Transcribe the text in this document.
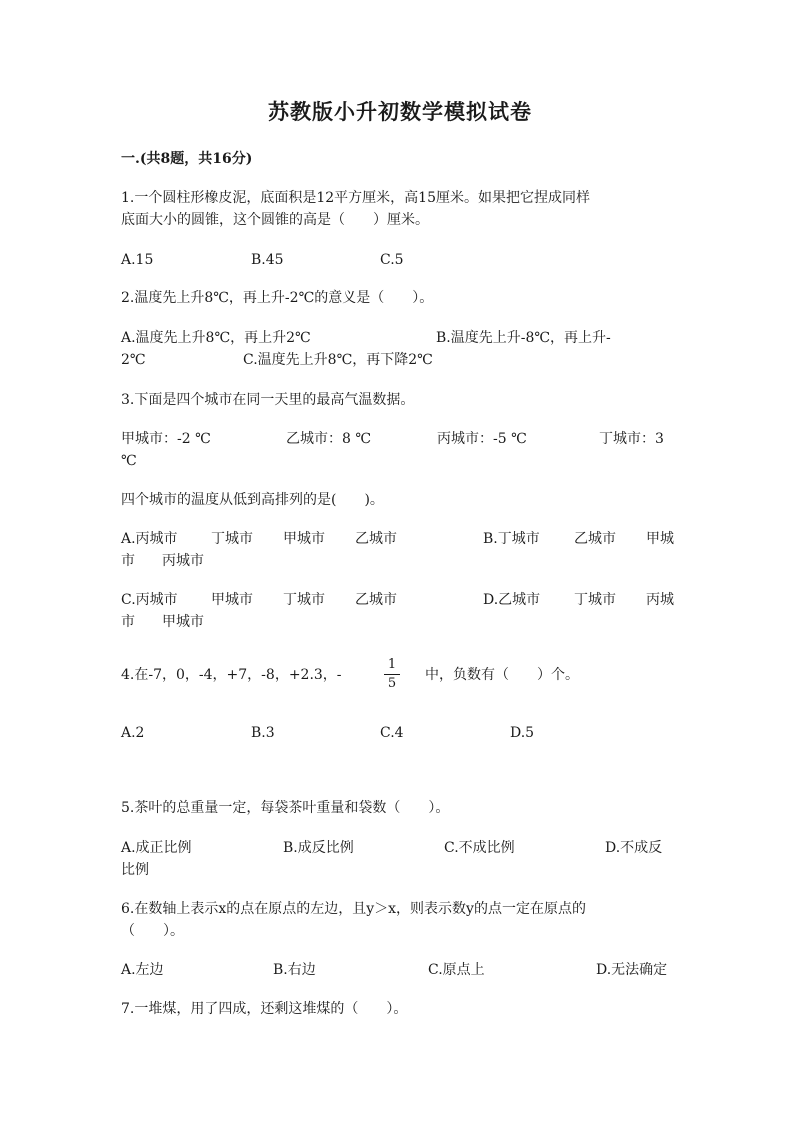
苏教版小升初数学模拟试卷
一.(共8题，共16分)
1.一个圆柱形橡皮泥，底面积是12平方厘米，高15厘米。如果把它捏成同样
底面大小的圆锥，这个圆锥的高是（　　）厘米。
A.15	B.45	C.5
2.温度先上升8℃，再上升-2℃的意义是（　　）。
A.温度先上升8℃，再上升2℃	B.温度先上升-8℃，再上升-
2℃	C.温度先上升8℃，再下降2℃
3.下面是四个城市在同一天里的最高气温数据。
甲城市：-2 ℃	乙城市：8 ℃	丙城市：-5 ℃	丁城市：3
℃
四个城市的温度从低到高排列的是(　　)。
A.丙城市 丁城市 甲城市 乙城市	B.丁城市 乙城市 甲城
市 丙城市
C.丙城市 甲城市 丁城市 乙城市	D.乙城市 丁城市 丙城
市 甲城市
4.在-7，0，-4，+7，-8，+2.3，-
1
5
中，负数有（　　）个。
A.2	B.3	C.4	D.5
5.茶叶的总重量一定，每袋茶叶重量和袋数（　　）。
A.成正比例	B.成反比例	C.不成比例	D.不成反
比例
6.在数轴上表示x的点在原点的左边，且y＞x，则表示数y的点一定在原点的
（　　）。
A.左边	B.右边	C.原点上	D.无法确定
7.一堆煤，用了四成，还剩这堆煤的（　　）。
